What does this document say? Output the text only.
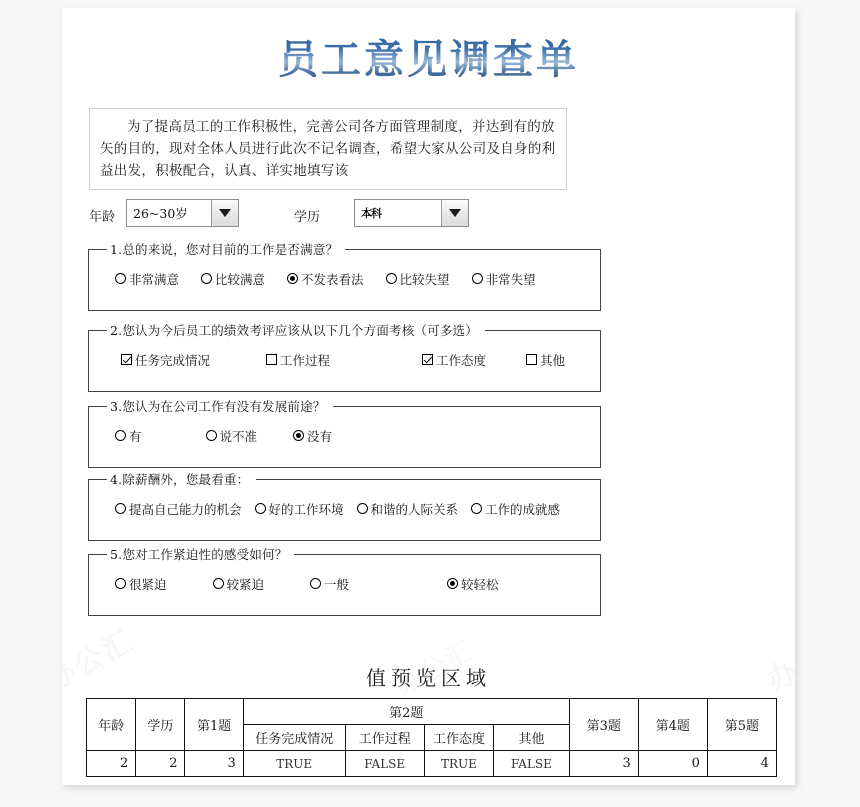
员工意见调查单
为了提高员工的工作积极性，完善公司各方面管理制度，并达到有的放矢的目的，现对全体人员进行此次不记名调查，希望大家从公司及自身的利益出发，积极配合，认真、详实地填写该
年龄	26~30岁	学历	本科
1.总的来说，您对目前的工作是否满意？
非常满意	比较满意	不发表看法	比较失望	非常失望
2.您认为今后员工的绩效考评应该从以下几个方面考核（可多选）
任务完成情况	工作过程	工作态度	其他
3.您认为在公司工作有没有发展前途？
有	说不准	没有
4.除薪酬外，您最看重：
提高自己能力的机会 好的工作环境 和谐的人际关系 工作的成就感
5.您对工作紧迫性的感受如何？
很紧迫	较紧迫	一般	较轻松
值预览区域
年龄	学历	第1题	第2题				第3题	第4题	第5题
			任务完成情况	工作过程	工作态度	其他			
2	2	3	TRUE	FALSE	TRUE	FALSE	3	0	4
